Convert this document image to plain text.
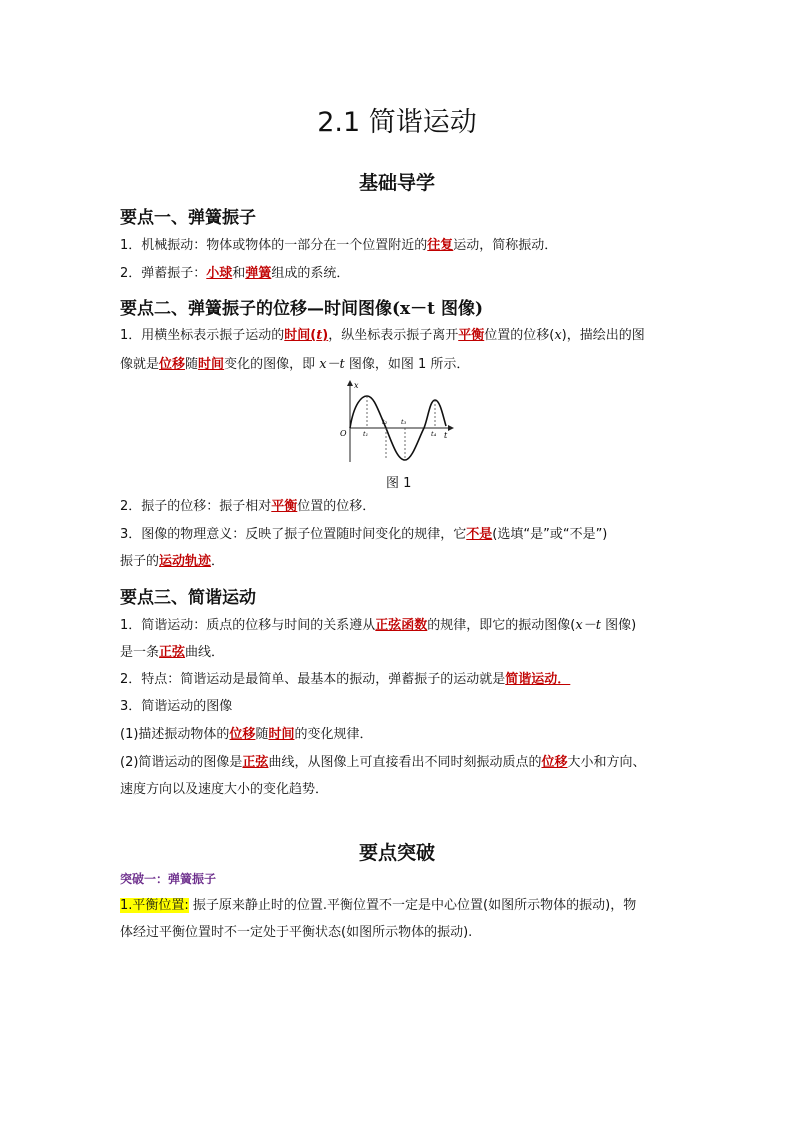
2.1 简谐运动
基础导学
要点一、弹簧振子
1．机械振动：物体或物体的一部分在一个位置附近的往复运动，简称振动．
2．弹蓄振子：小球和弹簧组成的系统．
要点二、弹簧振子的位移—时间图像(x－t 图像)
1．用横坐标表示振子运动的时间(t)，纵坐标表示振子离开平衡位置的位移(x)，描绘出的图
像就是位移随时间变化的图像，即 x－t 图像，如图 1 所示．
x
O	t
t₁
t₂ t₃
t₄
图 1
2．振子的位移：振子相对平衡位置的位移．
3．图像的物理意义：反映了振子位置随时间变化的规律，它不是(选填“是”或“不是”)
振子的运动轨迹．
要点三、简谐运动
1．简谐运动：质点的位移与时间的关系遵从正弦函数的规律，即它的振动图像(x－t 图像)
是一条正弦曲线．
2．特点：简谐运动是最简单、最基本的振动，弹蓄振子的运动就是简谐运动．
3．简谐运动的图像
(1)描述振动物体的位移随时间的变化规律．
(2)简谐运动的图像是正弦曲线，从图像上可直接看出不同时刻振动质点的位移大小和方向、
速度方向以及速度大小的变化趋势．
要点突破
突破一：弹簧振子
1.平衡位置: 振子原来静止时的位置.平衡位置不一定是中心位置(如图所示物体的振动)，物
体经过平衡位置时不一定处于平衡状态(如图所示物体的振动).
